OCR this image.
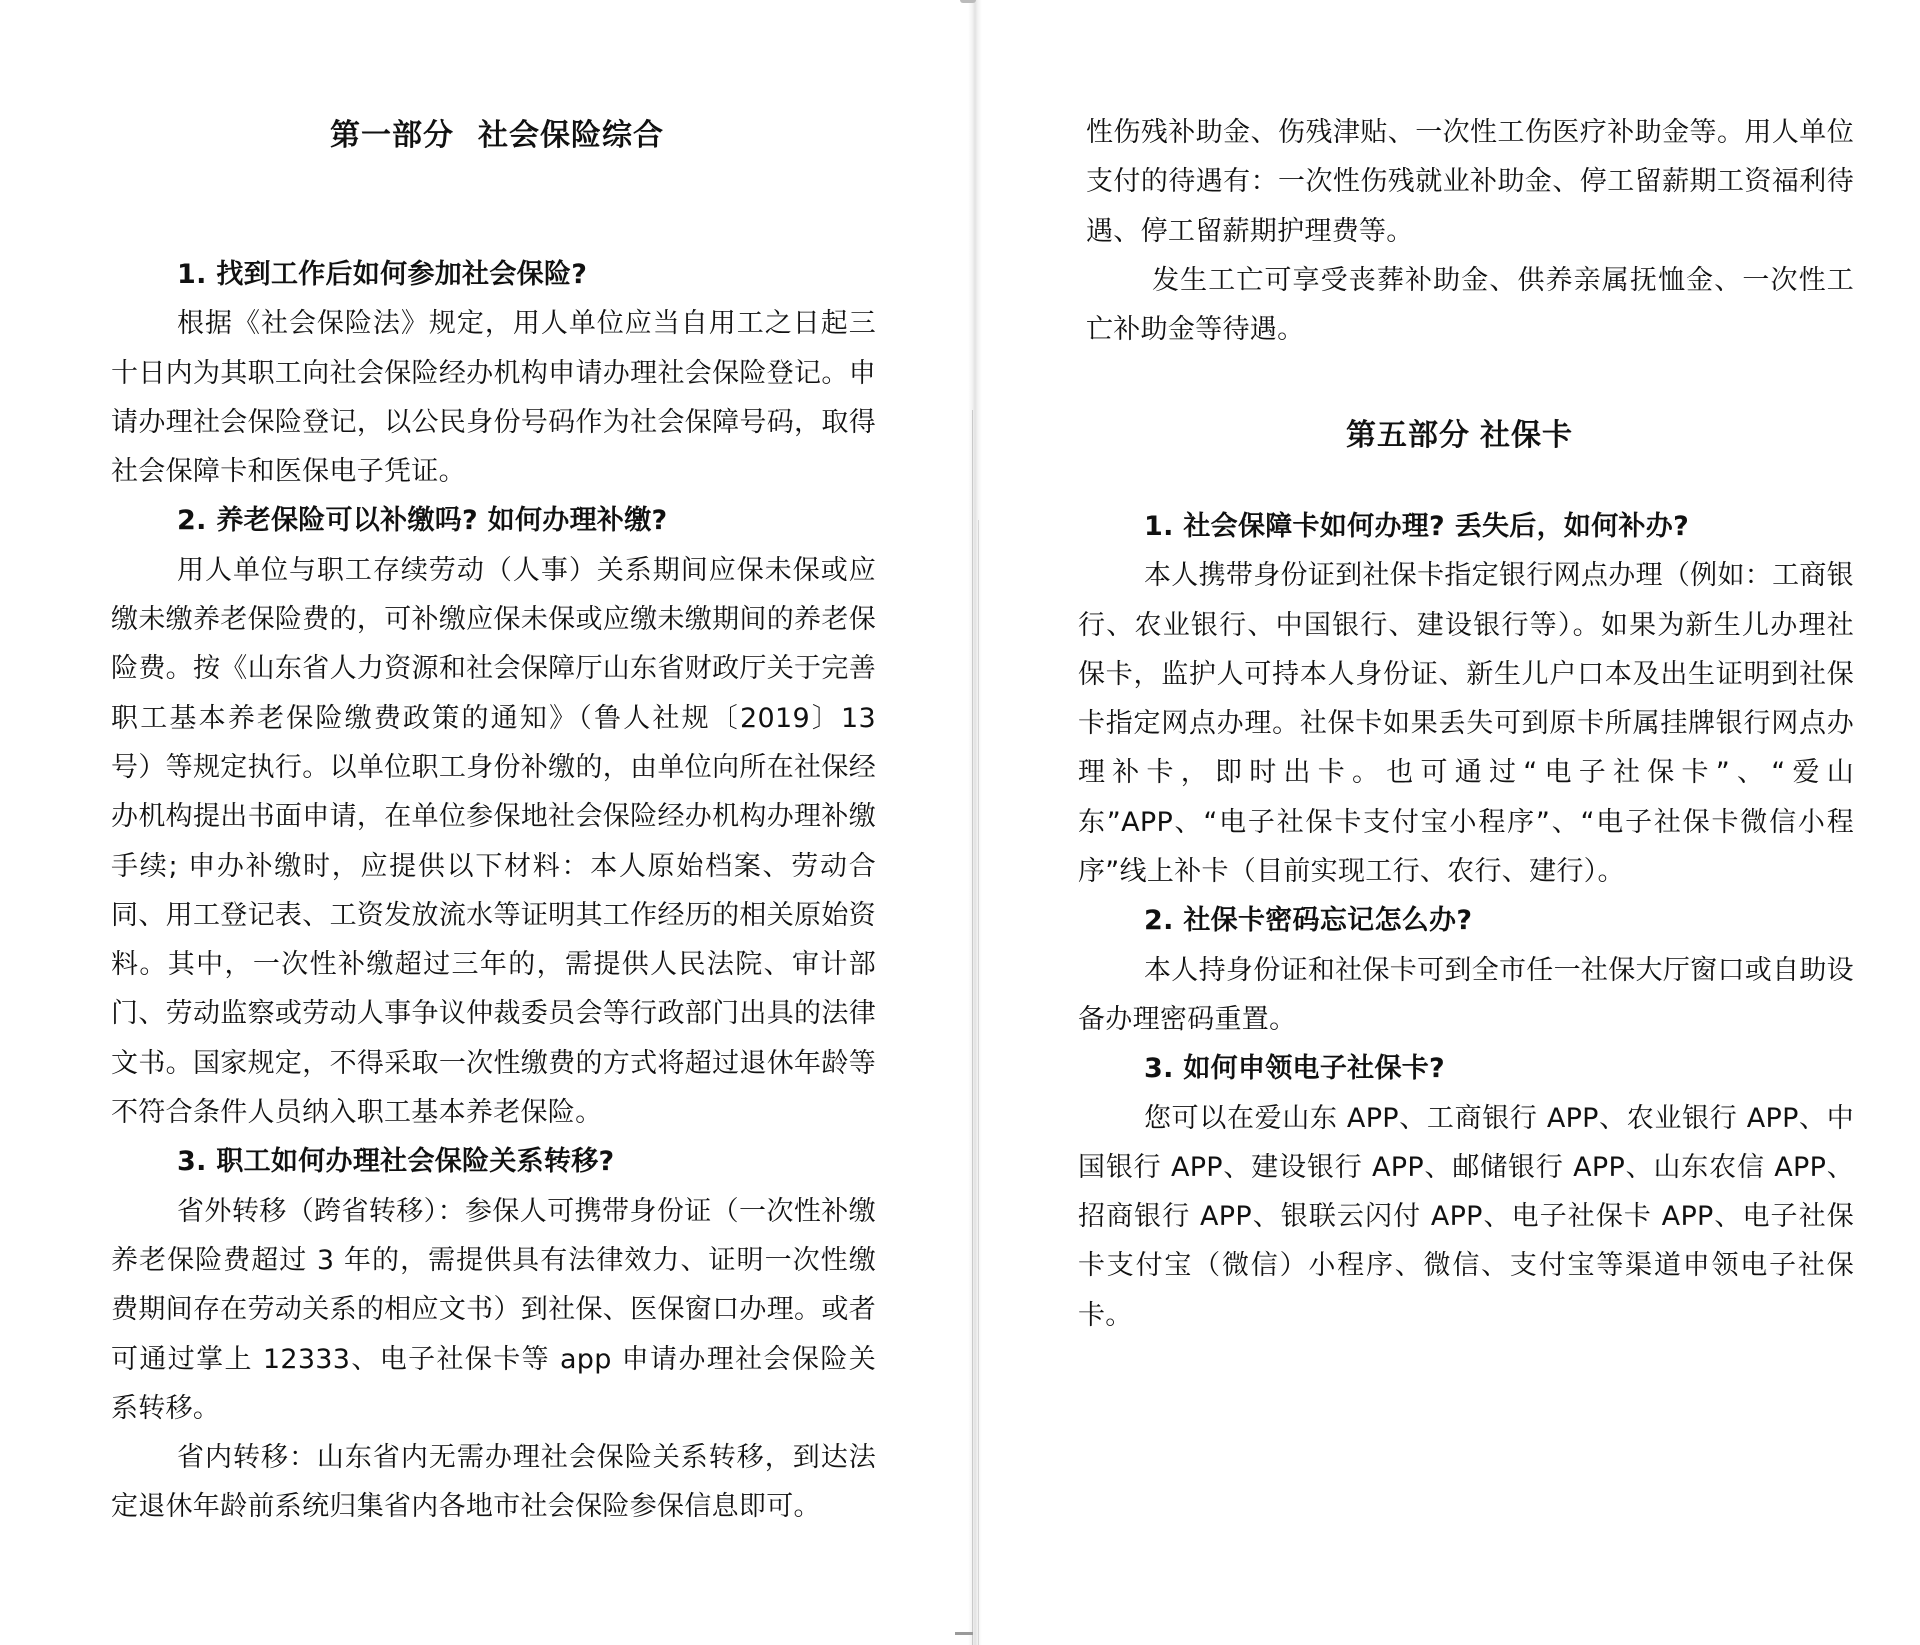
第一部分 社会保险综合

1. 找到工作后如何参加社会保险?

根据《社会保险法》规定，用人单位应当自用工之日起三十日内为其职工向社会保险经办机构申请办理社会保险登记。申请办理社会保险登记，以公民身份号码作为社会保障号码，取得社会保障卡和医保电子凭证。

2. 养老保险可以补缴吗? 如何办理补缴?

用人单位与职工存续劳动（人事）关系期间应保未保或应缴未缴养老保险费的，可补缴应保未保或应缴未缴期间的养老保险费。按《山东省人力资源和社会保障厅山东省财政厅关于完善职工基本养老保险缴费政策的通知》（鲁人社规〔2019〕13 号）等规定执行。以单位职工身份补缴的，由单位向所在社保经办机构提出书面申请，在单位参保地社会保险经办机构办理补缴手续; 申办补缴时，应提供以下材料：本人原始档案、劳动合同、用工登记表、工资发放流水等证明其工作经历的相关原始资料。其中，一次性补缴超过三年的，需提供人民法院、审计部门、劳动监察或劳动人事争议仲裁委员会等行政部门出具的法律文书。国家规定，不得采取一次性缴费的方式将超过退休年龄等不符合条件人员纳入职工基本养老保险。

3. 职工如何办理社会保险关系转移?

省外转移（跨省转移）：参保人可携带身份证（一次性补缴养老保险费超过 3 年的，需提供具有法律效力、证明一次性缴费期间存在劳动关系的相应文书）到社保、医保窗口办理。或者可通过掌上 12333、电子社保卡等 app 申请办理社会保险关系转移。

省内转移：山东省内无需办理社会保险关系转移，到达法定退休年龄前系统归集省内各地市社会保险参保信息即可。

性伤残补助金、伤残津贴、一次性工伤医疗补助金等。用人单位支付的待遇有：一次性伤残就业补助金、停工留薪期工资福利待遇、停工留薪期护理费等。

发生工亡可享受丧葬补助金、供养亲属抚恤金、一次性工亡补助金等待遇。

第五部分 社保卡

1. 社会保障卡如何办理? 丢失后，如何补办?

本人携带身份证到社保卡指定银行网点办理（例如：工商银行、农业银行、中国银行、建设银行等）。如果为新生儿办理社保卡，监护人可持本人身份证、新生儿户口本及出生证明到社保卡指定网点办理。社保卡如果丢失可到原卡所属挂牌银行网点办理补卡，即时出卡。也可通过“电子社保卡”、“爱山东”APP、“电子社保卡支付宝小程序”、“电子社保卡微信小程序”线上补卡（目前实现工行、农行、建行）。

2. 社保卡密码忘记怎么办?

本人持身份证和社保卡可到全市任一社保大厅窗口或自助设备办理密码重置。

3. 如何申领电子社保卡?

您可以在爱山东 APP、工商银行 APP、农业银行 APP、中国银行 APP、建设银行 APP、邮储银行 APP、山东农信 APP、招商银行 APP、银联云闪付 APP、电子社保卡 APP、电子社保卡支付宝（微信）小程序、微信、支付宝等渠道申领电子社保卡。
